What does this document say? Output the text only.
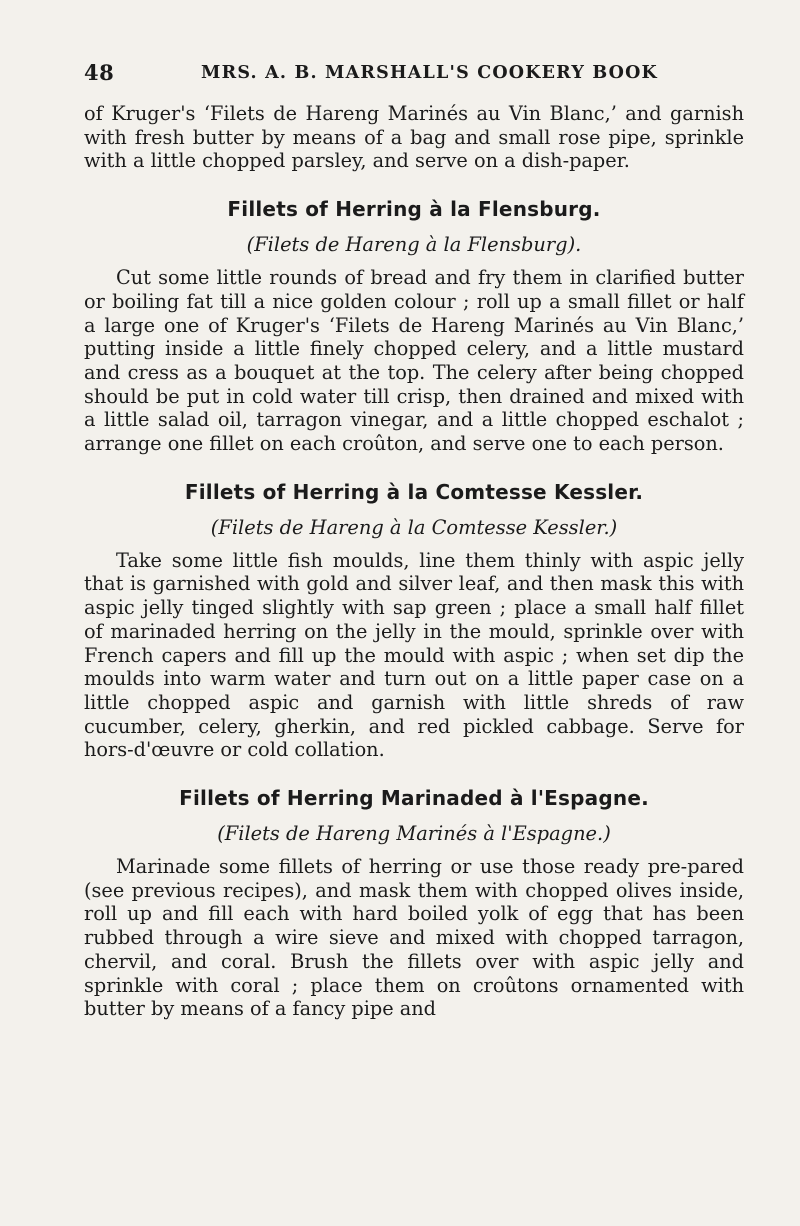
48	MRS. A. B. MARSHALL'S COOKERY BOOK

of Kruger's ‘Filets de Hareng Marinés au Vin Blanc,’ and garnish with fresh butter by means of a bag and small rose pipe, sprinkle with a little chopped parsley, and serve on a dish-paper.

Fillets of Herring à la Flensburg.
(Filets de Hareng à la Flensburg).

Cut some little rounds of bread and fry them in clarified butter or boiling fat till a nice golden colour ; roll up a small fillet or half a large one of Kruger's ‘Filets de Hareng Marinés au Vin Blanc,’ putting inside a little finely chopped celery, and a little mustard and cress as a bouquet at the top. The celery after being chopped should be put in cold water till crisp, then drained and mixed with a little salad oil, tarragon vinegar, and a little chopped eschalot ; arrange one fillet on each croûton, and serve one to each person.

Fillets of Herring à la Comtesse Kessler.
(Filets de Hareng à la Comtesse Kessler.)

Take some little fish moulds, line them thinly with aspic jelly that is garnished with gold and silver leaf, and then mask this with aspic jelly tinged slightly with sap green ; place a small half fillet of marinaded herring on the jelly in the mould, sprinkle over with French capers and fill up the mould with aspic ; when set dip the moulds into warm water and turn out on a little paper case on a little chopped aspic and garnish with little shreds of raw cucumber, celery, gherkin, and red pickled cabbage. Serve for hors-d'œuvre or cold collation.

Fillets of Herring Marinaded à l'Espagne.
(Filets de Hareng Marinés à l'Espagne.)

Marinade some fillets of herring or use those ready pre-pared (see previous recipes), and mask them with chopped olives inside, roll up and fill each with hard boiled yolk of egg that has been rubbed through a wire sieve and mixed with chopped tarragon, chervil, and coral. Brush the fillets over with aspic jelly and sprinkle with coral ; place them on croûtons ornamented with butter by means of a fancy pipe and
